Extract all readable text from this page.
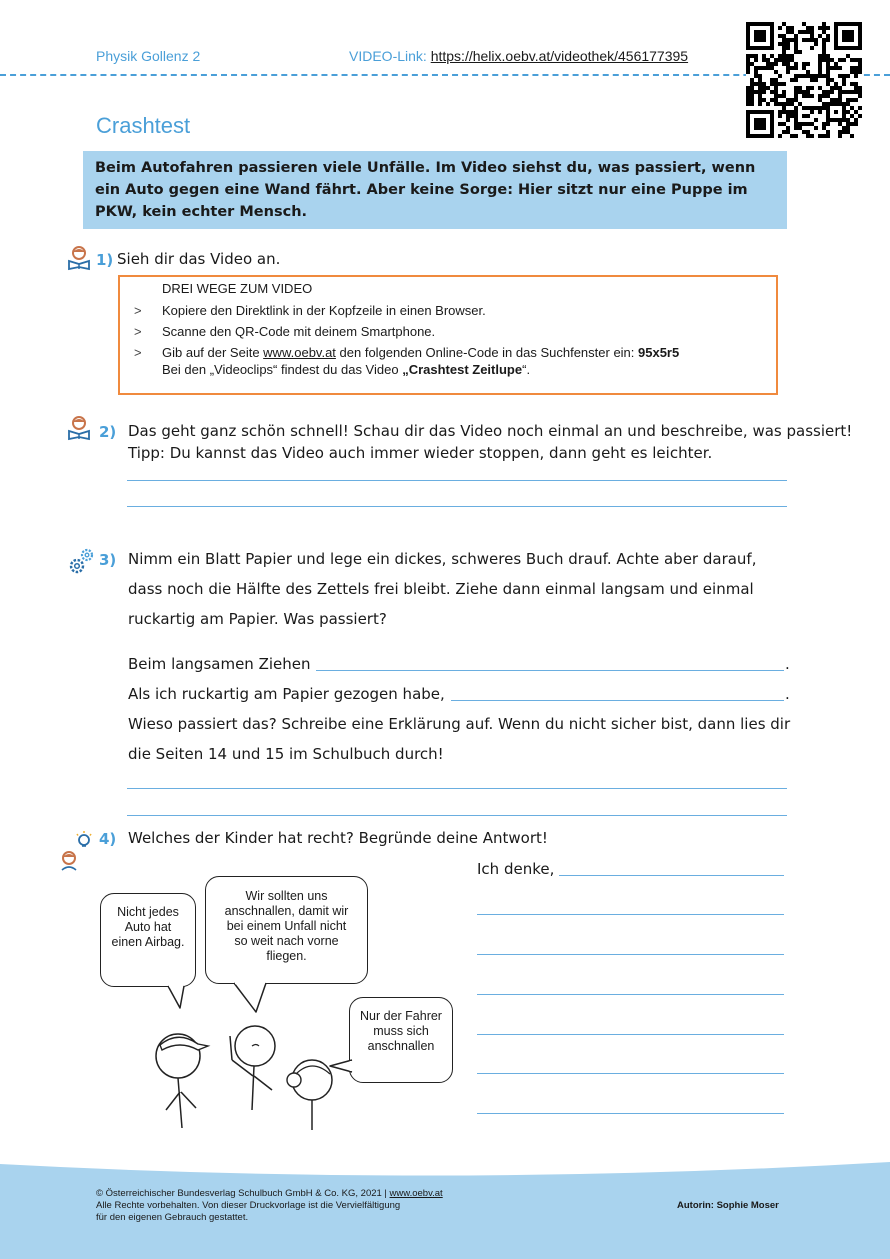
Physik Gollenz 2	VIDEO-Link: https://helix.oebv.at/videothek/456177395
Crashtest

Beim Autofahren passieren viele Unfälle. Im Video siehst du, was passiert, wenn ein Auto gegen eine Wand fährt. Aber keine Sorge: Hier sitzt nur eine Puppe im PKW, kein echter Mensch.

1) Sieh dir das Video an.
DREI WEGE ZUM VIDEO
> Kopiere den Direktlink in der Kopfzeile in einen Browser.
> Scanne den QR-Code mit deinem Smartphone.
> Gib auf der Seite www.oebv.at den folgenden Online-Code in das Suchfenster ein: 95x5r5
Bei den „Videoclips“ findest du das Video „Crashtest Zeitlupe“.
2) Das geht ganz schön schnell! Schau dir das Video noch einmal an und beschreibe, was passiert!
Tipp: Du kannst das Video auch immer wieder stoppen, dann geht es leichter.
3) Nimm ein Blatt Papier und lege ein dickes, schweres Buch drauf. Achte aber darauf,
dass noch die Hälfte des Zettels frei bleibt. Ziehe dann einmal langsam und einmal
ruckartig am Papier. Was passiert?
Beim langsamen Ziehen	.
Als ich ruckartig am Papier gezogen habe,	.
Wieso passiert das? Schreibe eine Erklärung auf. Wenn du nicht sicher bist, dann lies dir
die Seiten 14 und 15 im Schulbuch durch!
4) Welches der Kinder hat recht? Begründe deine Antwort!
Ich denke,
Nicht jedes Auto hat einen Airbag.
Wir sollten uns anschnallen, damit wir bei einem Unfall nicht so weit nach vorne fliegen.
Nur der Fahrer muss sich anschnallen
© Österreichischer Bundesverlag Schulbuch GmbH & Co. KG, 2021 | www.oebv.at
Alle Rechte vorbehalten. Von dieser Druckvorlage ist die Vervielfältigung
für den eigenen Gebrauch gestattet.
Autorin: Sophie Moser
